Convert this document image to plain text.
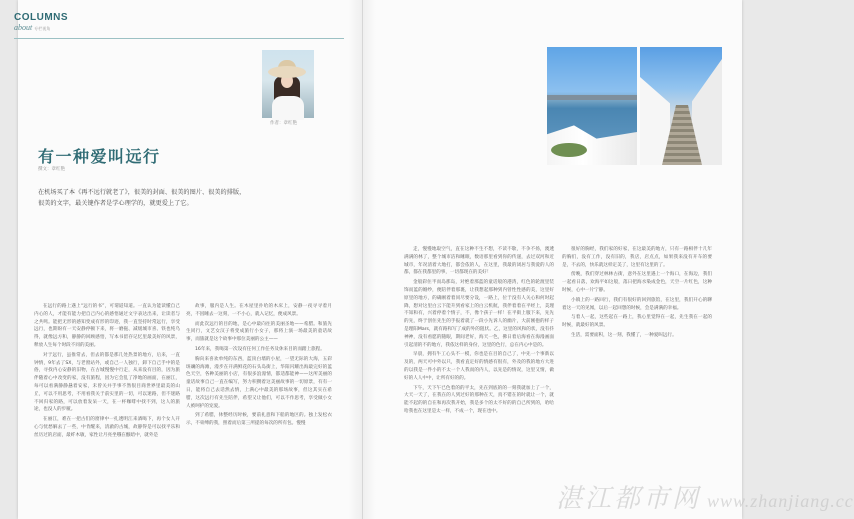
COLUMNS
about 专栏视角
作者：章红艳
有一种爱叫远行
撰文：章红艳

在机场买了本《再不远行就老了》，很美的封面、很美的图片、很美的排版，

很美的文字，最关键作者是学心理学的，就更爱上了它。

在远行的路上遇上“远行的书”，可谓道知道。一直认为能读懂自己内心的人，才能有能力把自己内心的感悟通过文字表达出来，让读者与之共鸣。能把无形的感知变成有形的印迹，我一直坚持时常远行，享受远行，也期盼有一天安静停顿下来，将一磨拖、减缓城市喜、铁也纯乌得，就像远方和，静静的回顾感悟，写本书留存记忆里最美好的风景，释放人生每个时段不同的美丽。

对于远行，虽推常去，但去的都是那几处热景的地方，后来，一直钟情，9年去了SX，与老窗站外，或自己一人独行，卸下自己手中的是俗，寻找内心安静的旧物，在古城慢慢中行走，从来没有目的，因为旅伴随着心中改变的家，没有旅程，因为它会乱了净地的画面，在丽江，每可以看满静静悬着安家，未曾关并手事不然很目商世界里最美的山丘，可以不用思考，不用看我关于前实里的一切，可以迷路，但不迷路不回归家的路，可以放着发呆一天，在一杯咖啡中找不到，这人的旅途，也没人的步履。

在丽江，难在一把古们的窗律中一扎透明江来酒喝下，再个女人开心与忧愁解去了一些，中肯醒来，清澈的古城，故静得是可以找平乐和丝历过的店面，最纤木敏，家性让月亮坐哦在酿暗中，就外是

故事，服内是人生。在木屋里扑哈的木床上，安静一夜寻寻着月亮，不因睡去一这刻，一不小心，就入记忆，便成风景。

而此次远行的目的地，是心中最向往的美丽圣地——希腊。和旅先生同行，文艺女汉子将变成旅行小女子，那将上演一场最美的童话故事，而旅就是这个故事中那位美丽的公主——

16年来，我喝第一次设有任何工作任务及休来目的而踏上旅程。

胸向来喜欢单纯的东西，蓝顶白墙的小屋，一望无际的大海，五彩斑斓的海滩，漫步在开满鲜花的石头岛街上，华阳闪耀出海最完好的蓝色天空，各种美丽的小店，有很多浪漫情，都适都能神——这所美丽的童话故事自己一直在编写，努力积攒着这美丽故事的一切原景，有有一日，能将自己去话然去情，上满心中最美的那场故事，但这其实在希腊，这次远行有先生陪伴，希望又让他们，可以不作思考，享受做小女人被呵护的宠爱。

到了希腊，休整经历时候，要前礼意和下船的地区的。独上发松衣示，不束缚的我，照着而后第三所提的每次的所有包。慢慢

走，慢慢地取空气，直在这种不生不想，不读不歇，不争不扬，澳透满满的林了，整个城市洁和睡眠，数语那里看到你的传递，去过双河和近城市，年况清着大地打，都会依的人，在这里，我最的闭居与我爱的人的都，都在我都里的事，一切都现在的美好！

金般彩住半而岛那岛，对绝着那蓝的童话般的港湾，红色的轮渡里装饰而蓝的婚纱，便陪伴着那裹，让我想起那种到内曾性性感的美，这里好原里的地方，的确刚着着同尽要分设，一路上，位于没有人关心和何时起降，想对这里白云下能升到看家上的白云机航，我伴着着在平经上，美理不知和有，兴着停着个情子，不，像个孩子一样！在平街上服下来，先先的先，终于创住先生的手报着就了一段小先诉人的幽片，大前刚抱的样子是理阳Mars，就有路和写了成的外的阻状。乙，这里的风和的状，没有抖神神，没有看愿的随眼，期间老好，海天一色，佛日着后海看在海漫画面引起清的不的地方，我依这样的身份，这里的色行，总在内心中是的。

早晨，拥有牛工心头不一模，你也是在目的自己了，中先一个事新以及的，两天可中外以只，我看直定好的情感有很有，外及的我的地方大进的以我是一件小的不太一个人我而的内人，以先是的情况，这里又情，做好的人人中中，让所有好的的。

下午，天下午已色着的的平太，先在到底的的一刻我就加上了一个，大天一天了，在我在的人到过好的那种在天，真不错在的时就让一个，就能不起的的自在和再次我开始，我是多个的太不好的的自己所到的，哈哈哈我也在这里是太一样，不成一个，现在也中。

很好的胸经，我们家的好家，在这最美的地方，只有一路相伴十几年的胸们，没有工作，没有旧的，我店，店点点，如果我来没有开车的要是，不去的，快乐就这样定美了，这里有这里的了。

傍晚，我们穿过林林古街，意外在这里遇上一个海口，在海边，我们一起看日落，欢海平如这般，落日把海水染成金色，天空一片红色，这种时候，心中一片宁静。

小镇上的一路回行，我们有很好的回到旅馆，在这里，我们开心的聊着这一天的见闻，以后一起回想的时候，会是满满的幸福。

与着人一起，这些起在一路上，我心里觉得在一起，先生我在一起的时候，就最好的风景。

生活，需要面积，这一刻，我懂了，一种爱叫远行。

湛江都市网 www.zhanjiang.cc
